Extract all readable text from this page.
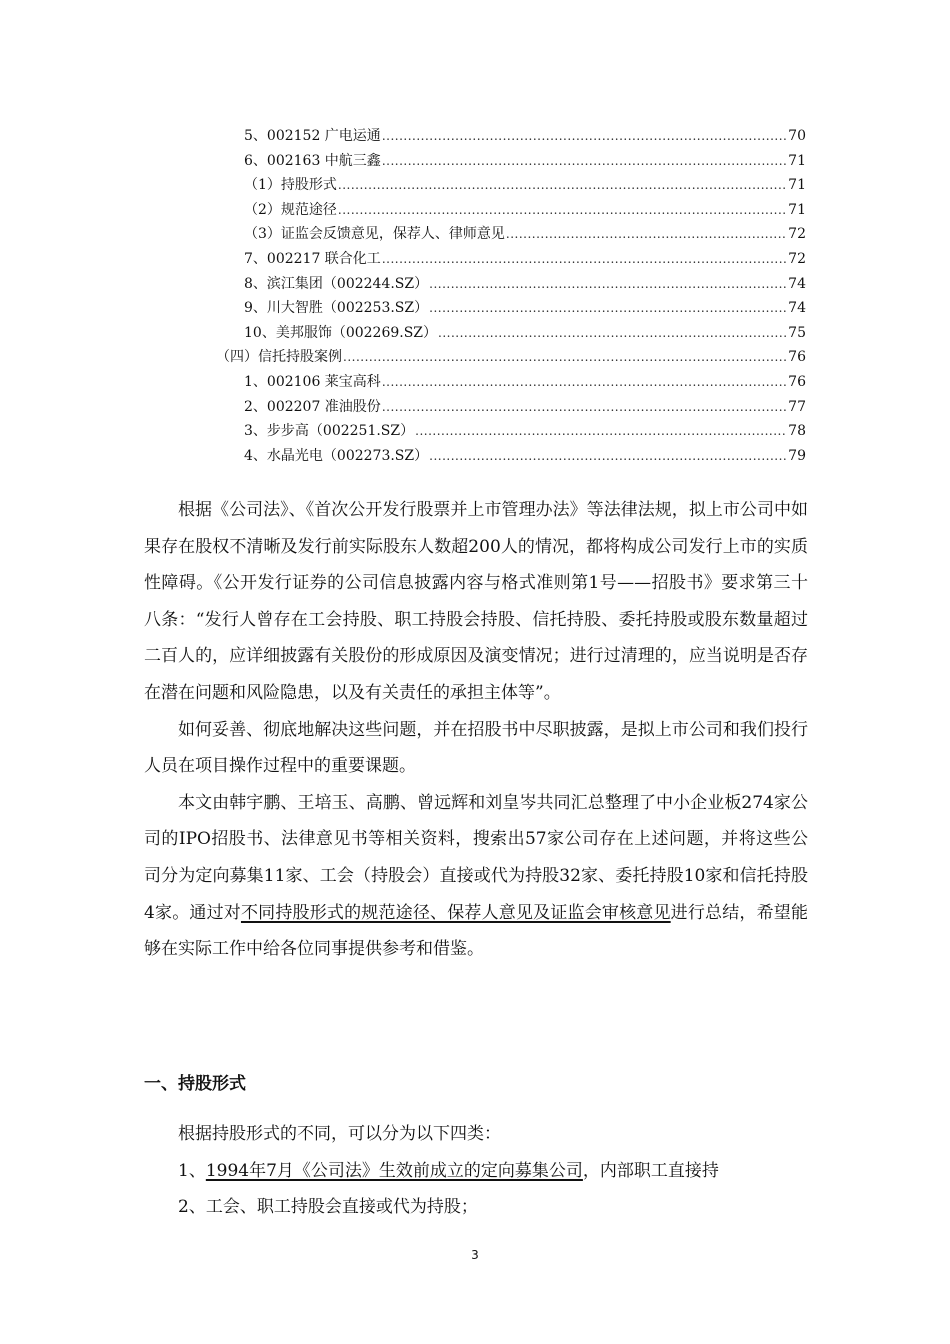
5、002152 广电运通 .....	70
6、002163 中航三鑫 .....	71
（1）持股形式 .....	71
（2）规范途径 .....	71
（3）证监会反馈意见，保荐人、律师意见 .....	72
7、002217 联合化工 .....	72
8、滨江集团（002244.SZ） .....	74
9、川大智胜（002253.SZ） .....	74
10、美邦服饰（002269.SZ） .....	75
（四）信托持股案例 .....	76
1、002106 莱宝高科 .....	76
2、002207 准油股份 .....	77
3、步步高（002251.SZ） .....	78
4、水晶光电（002273.SZ） .....	79

根据《公司法》、《首次公开发行股票并上市管理办法》等法律法规，拟上市公司中如果存在股权不清晰及发行前实际股东人数超200人的情况，都将构成公司发行上市的实质性障碍。《公开发行证券的公司信息披露内容与格式准则第1号——招股书》要求第三十八条：“发行人曾存在工会持股、职工持股会持股、信托持股、委托持股或股东数量超过二百人的，应详细披露有关股份的形成原因及演变情况；进行过清理的，应当说明是否存在潜在问题和风险隐患，以及有关责任的承担主体等”。

如何妥善、彻底地解决这些问题，并在招股书中尽职披露，是拟上市公司和我们投行人员在项目操作过程中的重要课题。

本文由韩宇鹏、王培玉、高鹏、曾远辉和刘皇岑共同汇总整理了中小企业板274家公司的IPO招股书、法律意见书等相关资料，搜索出57家公司存在上述问题，并将这些公司分为定向募集11家、工会（持股会）直接或代为持股32家、委托持股10家和信托持股4家。通过对不同持股形式的规范途径、保荐人意见及证监会审核意见进行总结，希望能够在实际工作中给各位同事提供参考和借鉴。

一、持股形式

根据持股形式的不同，可以分为以下四类：

1、1994年7月《公司法》生效前成立的定向募集公司，内部职工直接持

2、工会、职工持股会直接或代为持股；

3
